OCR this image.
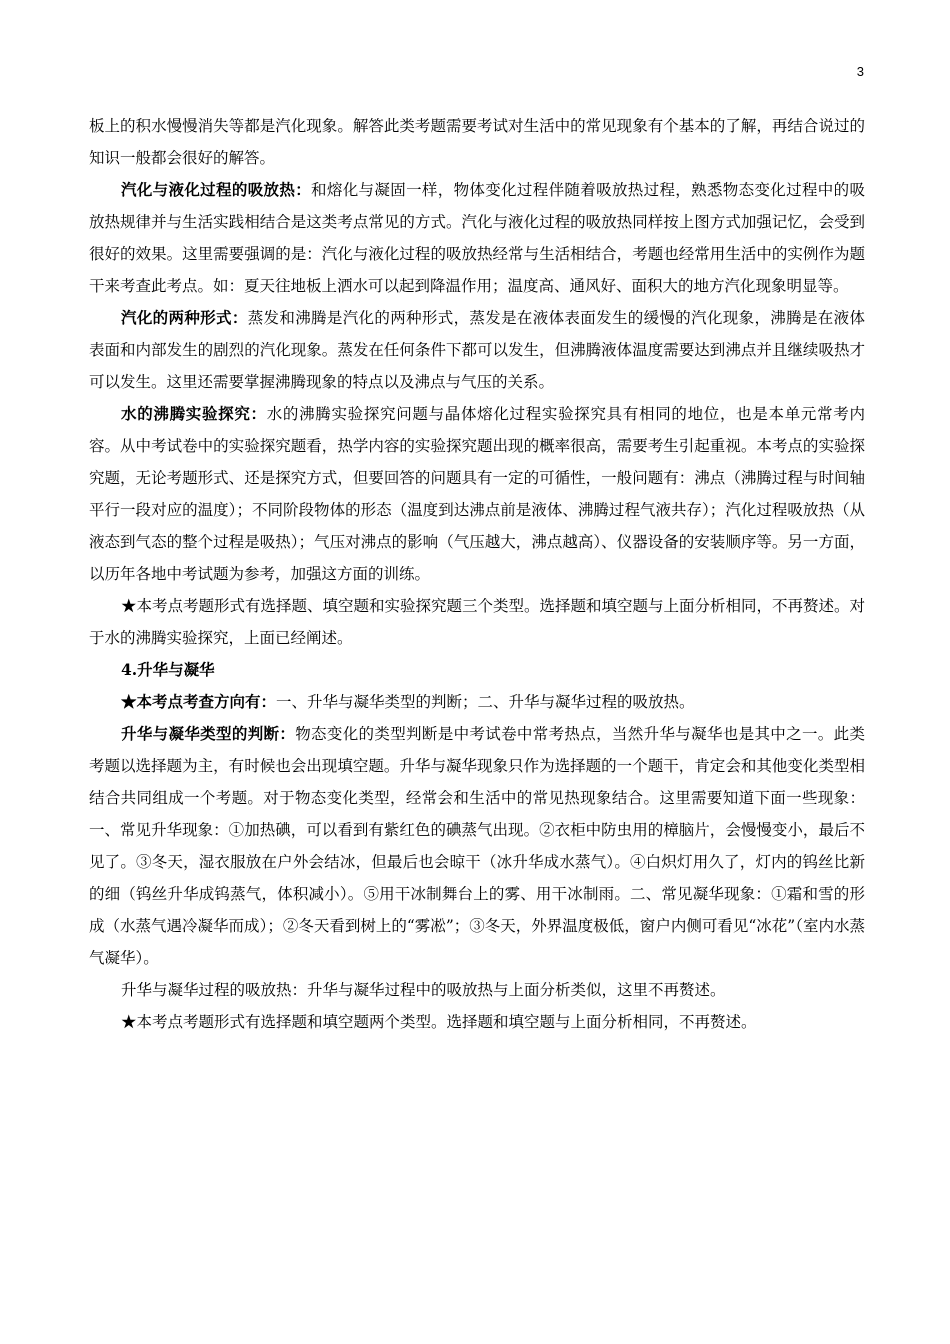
3

板上的积水慢慢消失等都是汽化现象。解答此类考题需要考试对生活中的常见现象有个基本的了解，再结合说过的知识一般都会很好的解答。

汽化与液化过程的吸放热：和熔化与凝固一样，物体变化过程伴随着吸放热过程，熟悉物态变化过程中的吸放热规律并与生活实践相结合是这类考点常见的方式。汽化与液化过程的吸放热同样按上图方式加强记忆，会受到很好的效果。这里需要强调的是：汽化与液化过程的吸放热经常与生活相结合，考题也经常用生活中的实例作为题干来考查此考点。如：夏天往地板上洒水可以起到降温作用；温度高、通风好、面积大的地方汽化现象明显等。

汽化的两种形式：蒸发和沸腾是汽化的两种形式，蒸发是在液体表面发生的缓慢的汽化现象，沸腾是在液体表面和内部发生的剧烈的汽化现象。蒸发在任何条件下都可以发生，但沸腾液体温度需要达到沸点并且继续吸热才可以发生。这里还需要掌握沸腾现象的特点以及沸点与气压的关系。

水的沸腾实验探究：水的沸腾实验探究问题与晶体熔化过程实验探究具有相同的地位，也是本单元常考内容。从中考试卷中的实验探究题看，热学内容的实验探究题出现的概率很高，需要考生引起重视。本考点的实验探究题，无论考题形式、还是探究方式，但要回答的问题具有一定的可循性，一般问题有：沸点（沸腾过程与时间轴平行一段对应的温度）；不同阶段物体的形态（温度到达沸点前是液体、沸腾过程气液共存）；汽化过程吸放热（从液态到气态的整个过程是吸热）；气压对沸点的影响（气压越大，沸点越高）、仪器设备的安装顺序等。另一方面，以历年各地中考试题为参考，加强这方面的训练。

★本考点考题形式有选择题、填空题和实验探究题三个类型。选择题和填空题与上面分析相同，不再赘述。对于水的沸腾实验探究，上面已经阐述。

4.升华与凝华

★本考点考查方向有：一、升华与凝华类型的判断；二、升华与凝华过程的吸放热。

升华与凝华类型的判断：物态变化的类型判断是中考试卷中常考热点，当然升华与凝华也是其中之一。此类考题以选择题为主，有时候也会出现填空题。升华与凝华现象只作为选择题的一个题干，肯定会和其他变化类型相结合共同组成一个考题。对于物态变化类型，经常会和生活中的常见热现象结合。这里需要知道下面一些现象：一、常见升华现象：①加热碘，可以看到有紫红色的碘蒸气出现。②衣柜中防虫用的樟脑片，会慢慢变小，最后不见了。③冬天，湿衣服放在户外会结冰，但最后也会晾干（冰升华成水蒸气）。④白炽灯用久了，灯内的钨丝比新的细（钨丝升华成钨蒸气，体积减小）。⑤用干冰制舞台上的雾、用干冰制雨。二、常见凝华现象：①霜和雪的形成（水蒸气遇冷凝华而成）；②冬天看到树上的“雾凇”；③冬天，外界温度极低，窗户内侧可看见“冰花”（室内水蒸气凝华）。

升华与凝华过程的吸放热：升华与凝华过程中的吸放热与上面分析类似，这里不再赘述。

★本考点考题形式有选择题和填空题两个类型。选择题和填空题与上面分析相同，不再赘述。
